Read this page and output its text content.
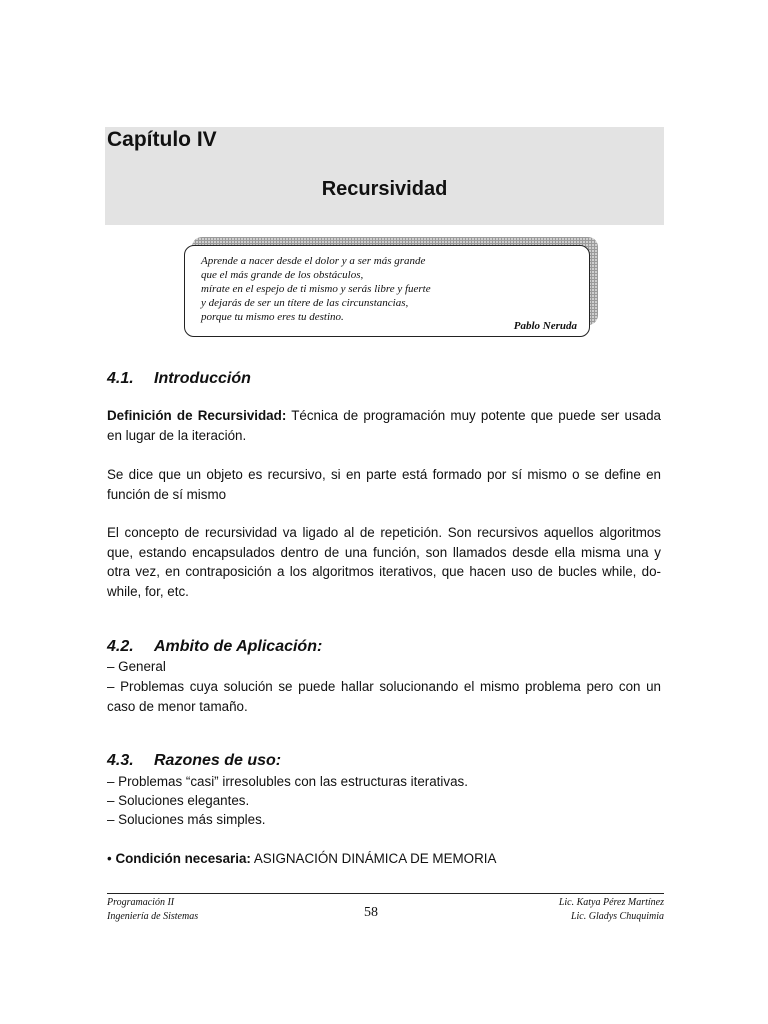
Capítulo IV
Recursividad
Aprende a nacer desde el dolor y a ser más grande
que el más grande de los obstáculos,
mírate en el espejo de ti mismo y serás libre y fuerte
y dejarás de ser un títere de las circunstancias,
porque tu mismo eres tu destino.
Pablo Neruda
4.1. Introducción

Definición de Recursividad: Técnica de programación muy potente que puede ser usada en lugar de la iteración.

Se dice que un objeto es recursivo, si en parte está formado por sí mismo o se define en función de sí mismo

El concepto de recursividad va ligado al de repetición. Son recursivos aquellos algoritmos que, estando encapsulados dentro de una función, son llamados desde ella misma una y otra vez, en contraposición a los algoritmos iterativos, que hacen uso de bucles while, do-while, for, etc.

4.2. Ambito de Aplicación:
– General

– Problemas cuya solución se puede hallar solucionando el mismo problema pero con un caso de menor tamaño.

4.3. Razones de uso:
– Problemas “casi” irresolubles con las estructuras iterativas.
– Soluciones elegantes.
– Soluciones más simples.
• Condición necesaria: ASIGNACIÓN DINÁMICA DE MEMORIA
Programación II
Ingeniería de Sistemas	58
Lic. Katya Pérez Martínez
Lic. Gladys Chuquimia
